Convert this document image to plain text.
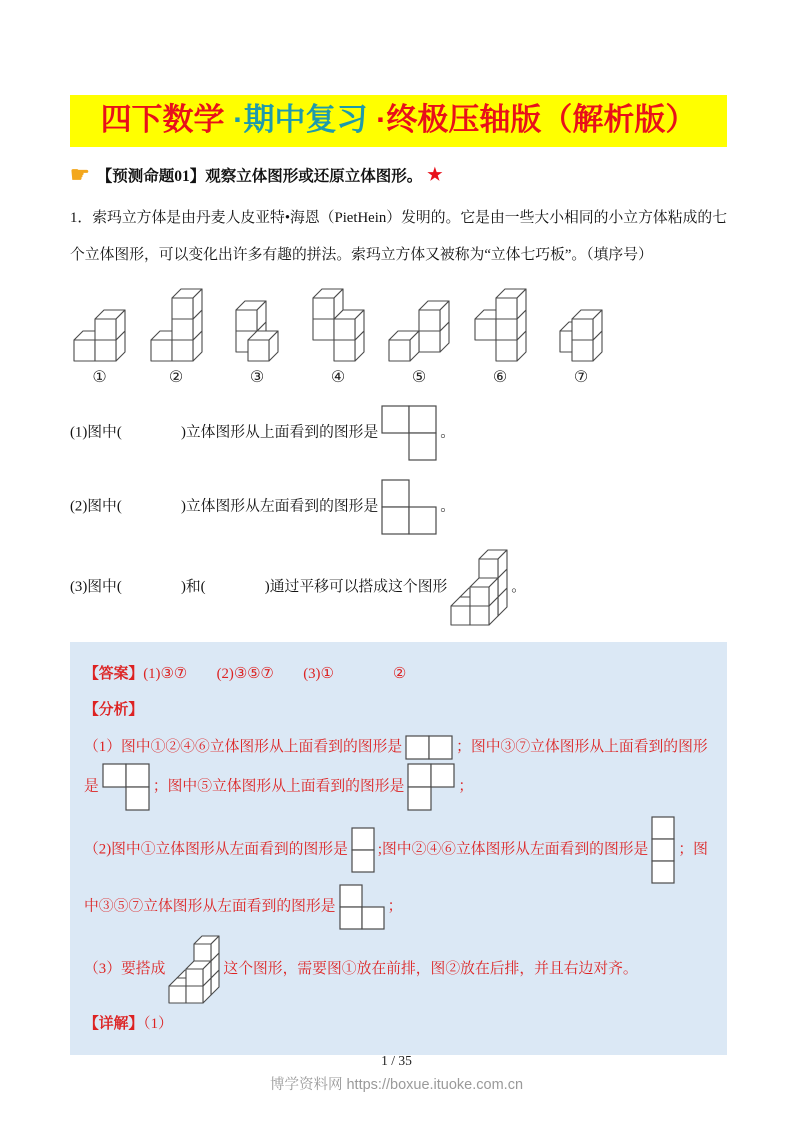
四下数学 ·期中复习 ·终极压轴版（解析版）
☛ 【预测命题01】观察立体图形或还原立体图形。 ★

1．索玛立方体是由丹麦人皮亚特•海恩（PietHein）发明的。它是由一些大小相同的小立方体粘成的七个立体图形，可以变化出许多有趣的拼法。索玛立方体又被称为“立体七巧板”。（填序号）

①	②	③	④	⑤	⑥	⑦
(1)图中(　　　　)立体图形从上面看到的图形是	。
(2)图中(　　　　)立体图形从左面看到的图形是	。
(3)图中(　　　　)和(　　　　)通过平移可以搭成这个图形	。
【答案】(1)③⑦　　(2)③⑤⑦　　(3)①　　　　②
【分析】
（1）图中①②④⑥立体图形从上面看到的图形是	；图中③⑦立体图形从上面看到的图形是	；图中⑤立体图形从上面看到的图形是	；
（2)图中①立体图形从左面看到的图形是 ;图中②④⑥立体图形从左面看到的图形是 ；图中③⑤⑦立体图形从左面看到的图形是	；
（3）要搭成	这个图形，需要图①放在前排，图②放在后排，并且右边对齐。
【详解】（1）
1 / 35
博学资料网 https://boxue.ituoke.com.cn
